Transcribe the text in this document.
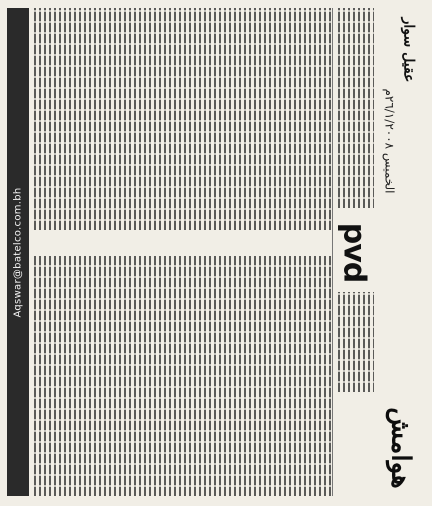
Aqswar@batelco.com.bh	pvd
الخميس ٢٦/١/٢٠٠٨م
عقيل سوار
هوامش
